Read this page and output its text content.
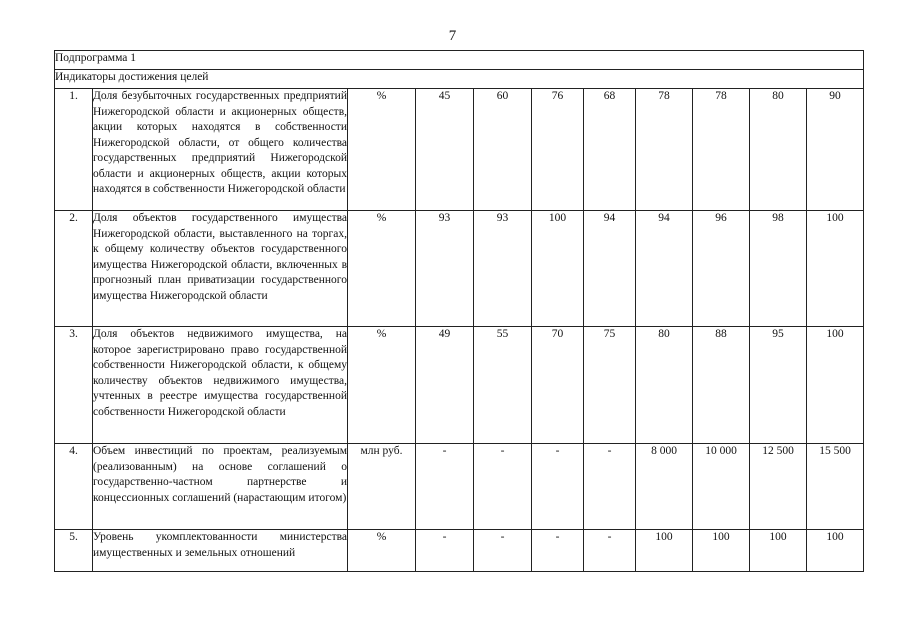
7
Подпрограмма 1										
Индикаторы достижения целей										
1.	Доля безубыточных государственных предприятий Нижегородской области и акционерных обществ, акции которых находятся в собственности Нижегородской области, от общего количества государственных предприятий Нижегородской области и акционерных обществ, акции которых находятся в собственности Нижегородской области	%	45	60	76	68	78	78	80	90
2.	Доля объектов государственного имущества Нижегородской области, выставленного на торгах, к общему количеству объектов государственного имущества Нижегородской области, включенных в прогнозный план приватизации государственного имущества Нижегородской области	%	93	93	100	94	94	96	98	100
3.	Доля объектов недвижимого имущества, на которое зарегистрировано право государственной собственности Нижегородской области, к общему количеству объектов недвижимого имущества, учтенных в реестре имущества государственной собственности Нижегородской области	%	49	55	70	75	80	88	95	100
4.	Объем инвестиций по проектам, реализуемым (реализованным) на основе соглашений о государственно-частном партнерстве и концессионных соглашений (нарастающим итогом)	млн руб.	-	-	-	-	8 000	10 000	12 500	15 500
5.	Уровень укомплектованности министерства имущественных и земельных отношений	%	-	-	-	-	100	100	100	100
